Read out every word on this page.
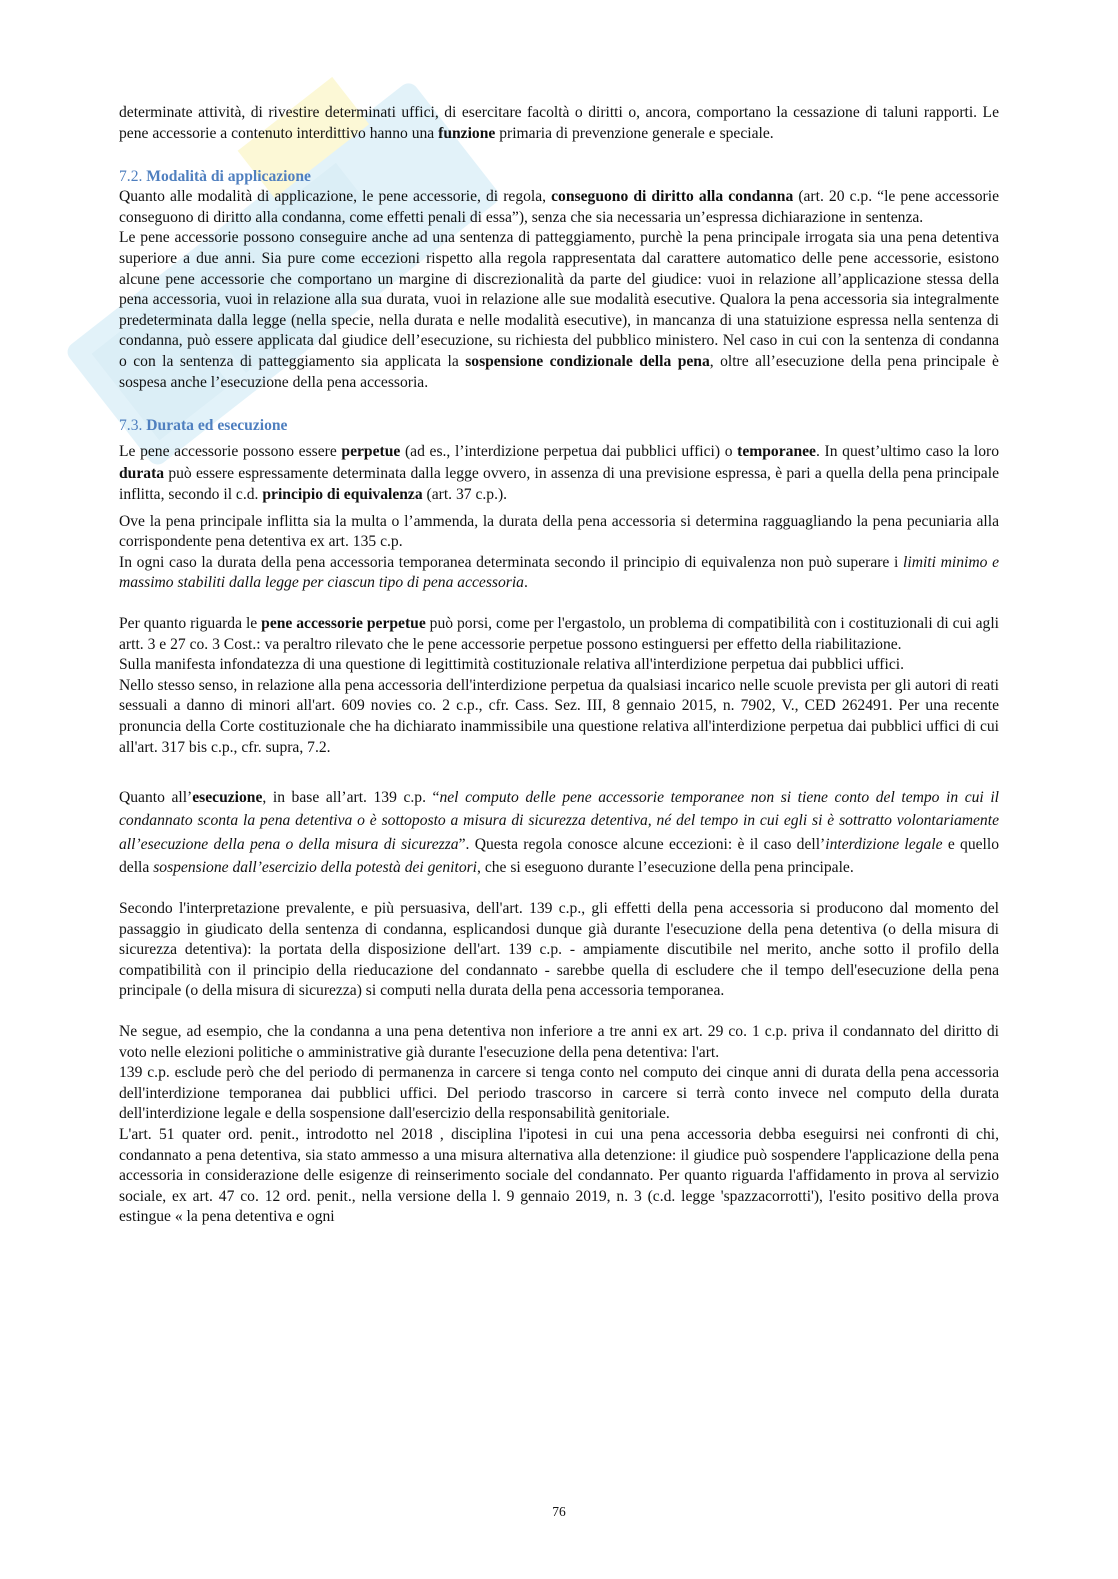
determinate attività, di rivestire determinati uffici, di esercitare facoltà o diritti o, ancora, comportano la cessazione di taluni rapporti. Le pene accessorie a contenuto interdittivo hanno una funzione primaria di prevenzione generale e speciale.

7.2. Modalità di applicazione

Quanto alle modalità di applicazione, le pene accessorie, di regola, conseguono di diritto alla condanna (art. 20 c.p. “le pene accessorie conseguono di diritto alla condanna, come effetti penali di essa”), senza che sia necessaria un’espressa dichiarazione in sentenza.

Le pene accessorie possono conseguire anche ad una sentenza di patteggiamento, purchè la pena principale irrogata sia una pena detentiva superiore a due anni. Sia pure come eccezioni rispetto alla regola rappresentata dal carattere automatico delle pene accessorie, esistono alcune pene accessorie che comportano un margine di discrezionalità da parte del giudice: vuoi in relazione all’applicazione stessa della pena accessoria, vuoi in relazione alla sua durata, vuoi in relazione alle sue modalità esecutive. Qualora la pena accessoria sia integralmente predeterminata dalla legge (nella specie, nella durata e nelle modalità esecutive), in mancanza di una statuizione espressa nella sentenza di condanna, può essere applicata dal giudice dell’esecuzione, su richiesta del pubblico ministero. Nel caso in cui con la sentenza di condanna o con la sentenza di patteggiamento sia applicata la sospensione condizionale della pena, oltre all’esecuzione della pena principale è sospesa anche l’esecuzione della pena accessoria.

7.3. Durata ed esecuzione

Le pene accessorie possono essere perpetue (ad es., l’interdizione perpetua dai pubblici uffici) o temporanee. In quest’ultimo caso la loro durata può essere espressamente determinata dalla legge ovvero, in assenza di una previsione espressa, è pari a quella della pena principale inflitta, secondo il c.d. principio di equivalenza (art. 37 c.p.).

Ove la pena principale inflitta sia la multa o l’ammenda, la durata della pena accessoria si determina ragguagliando la pena pecuniaria alla corrispondente pena detentiva ex art. 135 c.p.

In ogni caso la durata della pena accessoria temporanea determinata secondo il principio di equivalenza non può superare i limiti minimo e massimo stabiliti dalla legge per ciascun tipo di pena accessoria.

Per quanto riguarda le pene accessorie perpetue può porsi, come per l'ergastolo, un problema di compatibilità con i costituzionali di cui agli artt. 3 e 27 co. 3 Cost.: va peraltro rilevato che le pene accessorie perpetue possono estinguersi per effetto della riabilitazione.

Sulla manifesta infondatezza di una questione di legittimità costituzionale relativa all'interdizione perpetua dai pubblici uffici.

Nello stesso senso, in relazione alla pena accessoria dell'interdizione perpetua da qualsiasi incarico nelle scuole prevista per gli autori di reati sessuali a danno di minori all'art. 609 novies co. 2 c.p., cfr. Cass. Sez. III, 8 gennaio 2015, n. 7902, V., CED 262491. Per una recente pronuncia della Corte costituzionale che ha dichiarato inammissibile una questione relativa all'interdizione perpetua dai pubblici uffici di cui all'art. 317 bis c.p., cfr. supra, 7.2.

Quanto all’esecuzione, in base all’art. 139 c.p. “nel computo delle pene accessorie temporanee non si tiene conto del tempo in cui il condannato sconta la pena detentiva o è sottoposto a misura di sicurezza detentiva, né del tempo in cui egli si è sottratto volontariamente all’esecuzione della pena o della misura di sicurezza”. Questa regola conosce alcune eccezioni: è il caso dell’interdizione legale e quello della sospensione dall’esercizio della potestà dei genitori, che si eseguono durante l’esecuzione della pena principale.

Secondo l'interpretazione prevalente, e più persuasiva, dell'art. 139 c.p., gli effetti della pena accessoria si producono dal momento del passaggio in giudicato della sentenza di condanna, esplicandosi dunque già durante l'esecuzione della pena detentiva (o della misura di sicurezza detentiva): la portata della disposizione dell'art. 139 c.p. - ampiamente discutibile nel merito, anche sotto il profilo della compatibilità con il principio della rieducazione del condannato - sarebbe quella di escludere che il tempo dell'esecuzione della pena principale (o della misura di sicurezza) si computi nella durata della pena accessoria temporanea.

Ne segue, ad esempio, che la condanna a una pena detentiva non inferiore a tre anni ex art. 29 co. 1 c.p. priva il condannato del diritto di voto nelle elezioni politiche o amministrative già durante l'esecuzione della pena detentiva: l'art.

139 c.p. esclude però che del periodo di permanenza in carcere si tenga conto nel computo dei cinque anni di durata della pena accessoria dell'interdizione temporanea dai pubblici uffici. Del periodo trascorso in carcere si terrà conto invece nel computo della durata dell'interdizione legale e della sospensione dall'esercizio della responsabilità genitoriale.

L'art. 51 quater ord. penit., introdotto nel 2018 , disciplina l'ipotesi in cui una pena accessoria debba eseguirsi nei confronti di chi, condannato a pena detentiva, sia stato ammesso a una misura alternativa alla detenzione: il giudice può sospendere l'applicazione della pena accessoria in considerazione delle esigenze di reinserimento sociale del condannato. Per quanto riguarda l'affidamento in prova al servizio sociale, ex art. 47 co. 12 ord. penit., nella versione della l. 9 gennaio 2019, n. 3 (c.d. legge 'spazzacorrotti'), l'esito positivo della prova estingue « la pena detentiva e ogni

76
